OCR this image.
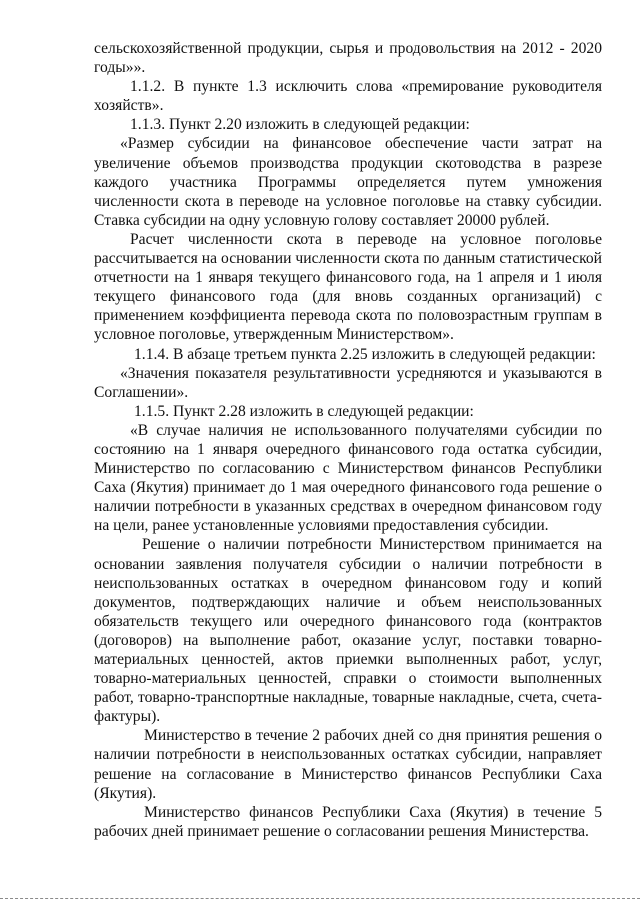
сельскохозяйственной продукции, сырья и продовольствия на 2012 - 2020 годы»».

1.1.2. В пункте 1.3 исключить слова «премирование руководителя хозяйств».

1.1.3. Пункт 2.20 изложить в следующей редакции:

«Размер субсидии на финансовое обеспечение части затрат на увеличение объемов производства продукции скотоводства в разрезе каждого участника Программы определяется путем умножения численности скота в переводе на условное поголовье на ставку субсидии. Ставка субсидии на одну условную голову составляет 20000 рублей.

Расчет численности скота в переводе на условное поголовье рассчитывается на основании численности скота по данным статистической отчетности на 1 января текущего финансового года, на 1 апреля и 1 июля текущего финансового года (для вновь созданных организаций) с применением коэффициента перевода скота по половозрастным группам в условное поголовье, утвержденным Министерством».

1.1.4. В абзаце третьем пункта 2.25 изложить в следующей редакции:

«Значения показателя результативности усредняются и указываются в Соглашении».

1.1.5. Пункт 2.28 изложить в следующей редакции:

«В случае наличия не использованного получателями субсидии по состоянию на 1 января очередного финансового года остатка субсидии, Министерство по согласованию с Министерством финансов Республики Саха (Якутия) принимает до 1 мая очередного финансового года решение о наличии потребности в указанных средствах в очередном финансовом году на цели, ранее установленные условиями предоставления субсидии.

Решение о наличии потребности Министерством принимается на основании заявления получателя субсидии о наличии потребности в неиспользованных остатках в очередном финансовом году и копий документов, подтверждающих наличие и объем неиспользованных обязательств текущего или очередного финансового года (контрактов (договоров) на выполнение работ, оказание услуг, поставки товарно-материальных ценностей, актов приемки выполненных работ, услуг, товарно-материальных ценностей, справки о стоимости выполненных работ, товарно-транспортные накладные, товарные накладные, счета, счета-фактуры).

Министерство в течение 2 рабочих дней со дня принятия решения о наличии потребности в неиспользованных остатках субсидии, направляет решение на согласование в Министерство финансов Республики Саха (Якутия).

Министерство финансов Республики Саха (Якутия) в течение 5 рабочих дней принимает решение о согласовании решения Министерства.
